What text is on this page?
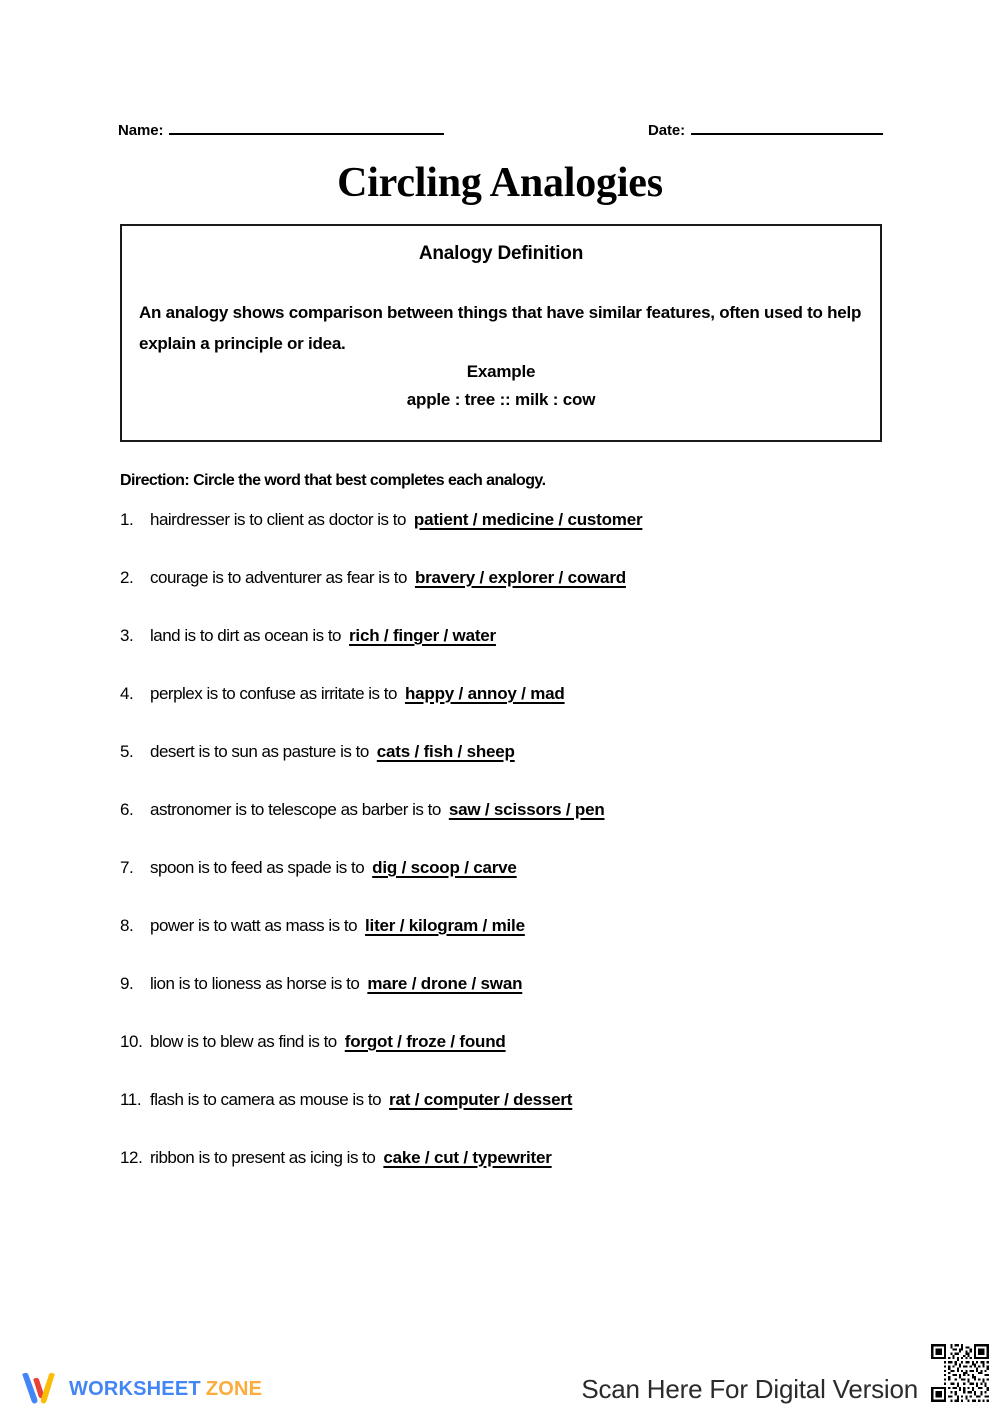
Name:	Date:
Circling Analogies
Analogy Definition
An analogy shows comparison between things that have similar features, often used to help explain a principle or idea.
Example
apple : tree :: milk : cow
Direction: Circle the word that best completes each analogy.
1. hairdresser is to client as doctor is to patient / medicine / customer
2. courage is to adventurer as fear is to bravery / explorer / coward
3. land is to dirt as ocean is to rich / finger / water
4. perplex is to confuse as irritate is to happy / annoy / mad
5. desert is to sun as pasture is to cats / fish / sheep
6. astronomer is to telescope as barber is to saw / scissors / pen
7. spoon is to feed as spade is to dig / scoop / carve
8. power is to watt as mass is to liter / kilogram / mile
9. lion is to lioness as horse is to mare / drone / swan
10. blow is to blew as find is to forgot / froze / found
11. flash is to camera as mouse is to rat / computer / dessert
12. ribbon is to present as icing is to cake / cut / typewriter
WORKSHEET ZONE	Scan Here For Digital Version
